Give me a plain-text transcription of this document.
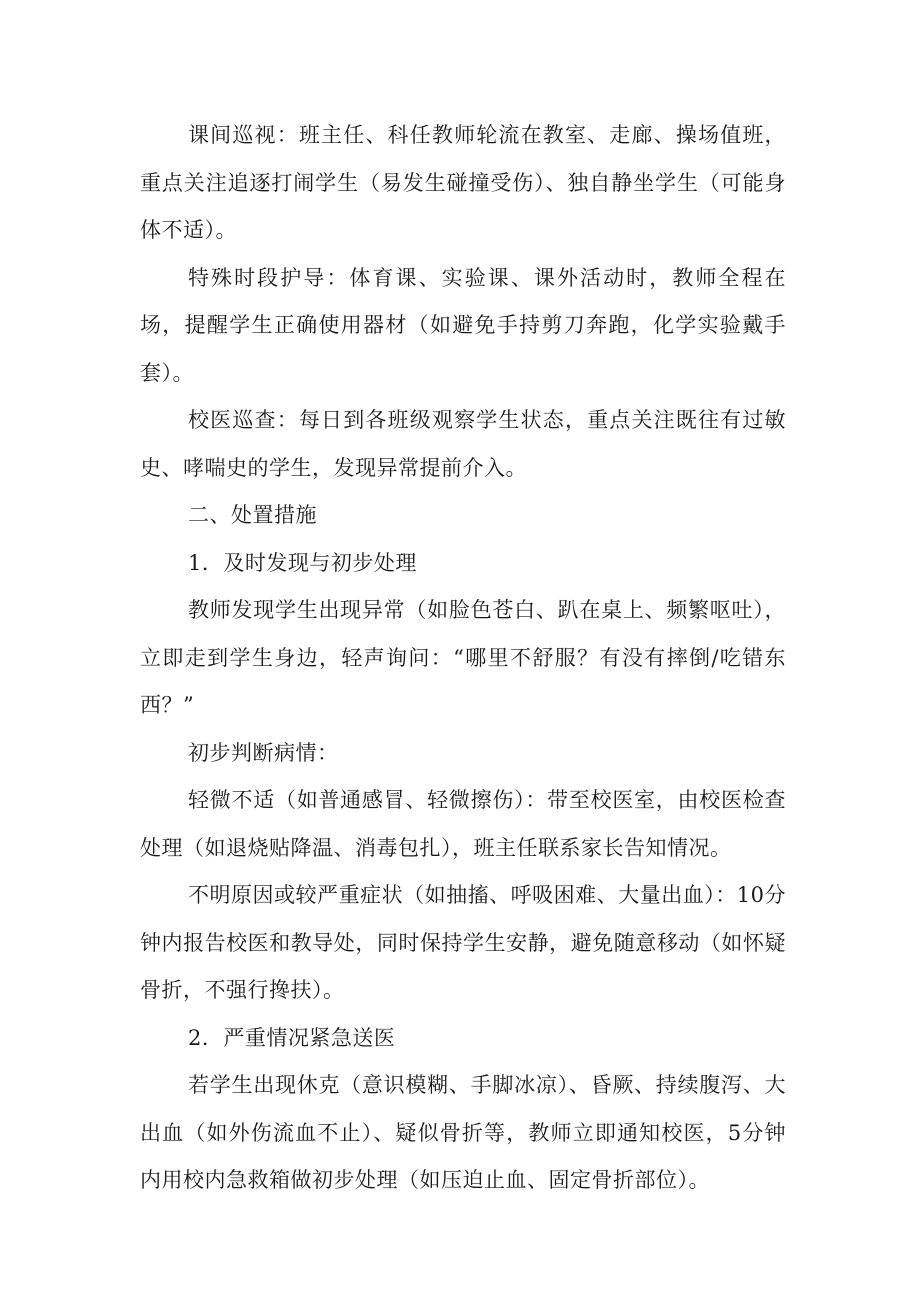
课间巡视：班主任、科任教师轮流在教室、走廊、操场值班，重点关注追逐打闹学生（易发生碰撞受伤）、独自静坐学生（可能身体不适）。

特殊时段护导：体育课、实验课、课外活动时，教师全程在场，提醒学生正确使用器材（如避免手持剪刀奔跑，化学实验戴手套）。

校医巡查：每日到各班级观察学生状态，重点关注既往有过敏史、哮喘史的学生，发现异常提前介入。

二、处置措施

1．及时发现与初步处理

教师发现学生出现异常（如脸色苍白、趴在桌上、频繁呕吐），立即走到学生身边，轻声询问：“哪里不舒服？有没有摔倒/吃错东西？”

初步判断病情：

轻微不适（如普通感冒、轻微擦伤）：带至校医室，由校医检查处理（如退烧贴降温、消毒包扎），班主任联系家长告知情况。

不明原因或较严重症状（如抽搐、呼吸困难、大量出血）：10分钟内报告校医和教导处，同时保持学生安静，避免随意移动（如怀疑骨折，不强行搀扶）。

2．严重情况紧急送医

若学生出现休克（意识模糊、手脚冰凉）、昏厥、持续腹泻、大出血（如外伤流血不止）、疑似骨折等，教师立即通知校医，5分钟内用校内急救箱做初步处理（如压迫止血、固定骨折部位）。
